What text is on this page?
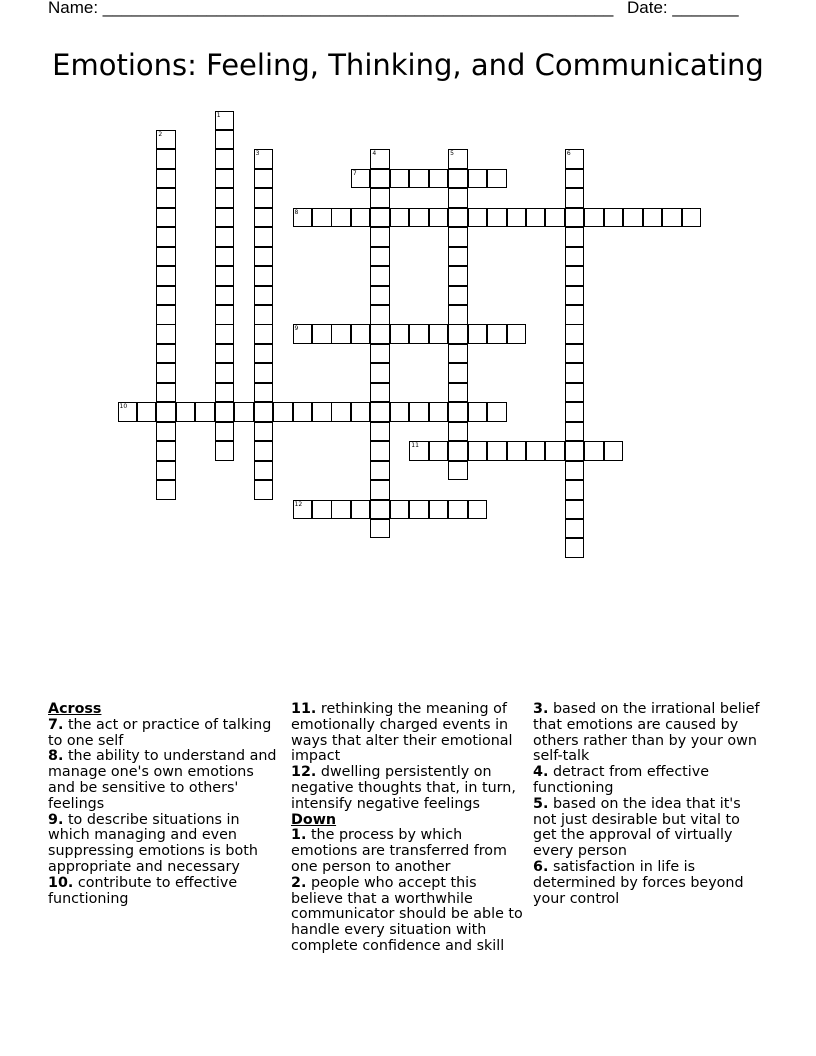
Name: ______________________________________________________ Date: _______
Emotions: Feeling, Thinking, and Communicating
1
2
3	4	5	6
7
8
9
10
11
12
Across
7. the act or practice of talking to one self
8. the ability to understand and manage one's own emotions and be sensitive to others' feelings
9. to describe situations in which managing and even suppressing emotions is both appropriate and necessary
10. contribute to effective functioning
11. rethinking the meaning of emotionally charged events in ways that alter their emotional impact
12. dwelling persistently on negative thoughts that, in turn, intensify negative feelings
Down
1. the process by which emotions are transferred from one person to another
2. people who accept this believe that a worthwhile communicator should be able to handle every situation with complete confidence and skill
3. based on the irrational belief that emotions are caused by others rather than by your own self-talk
4. detract from effective functioning
5. based on the idea that it's not just desirable but vital to get the approval of virtually every person
6. satisfaction in life is determined by forces beyond your control
